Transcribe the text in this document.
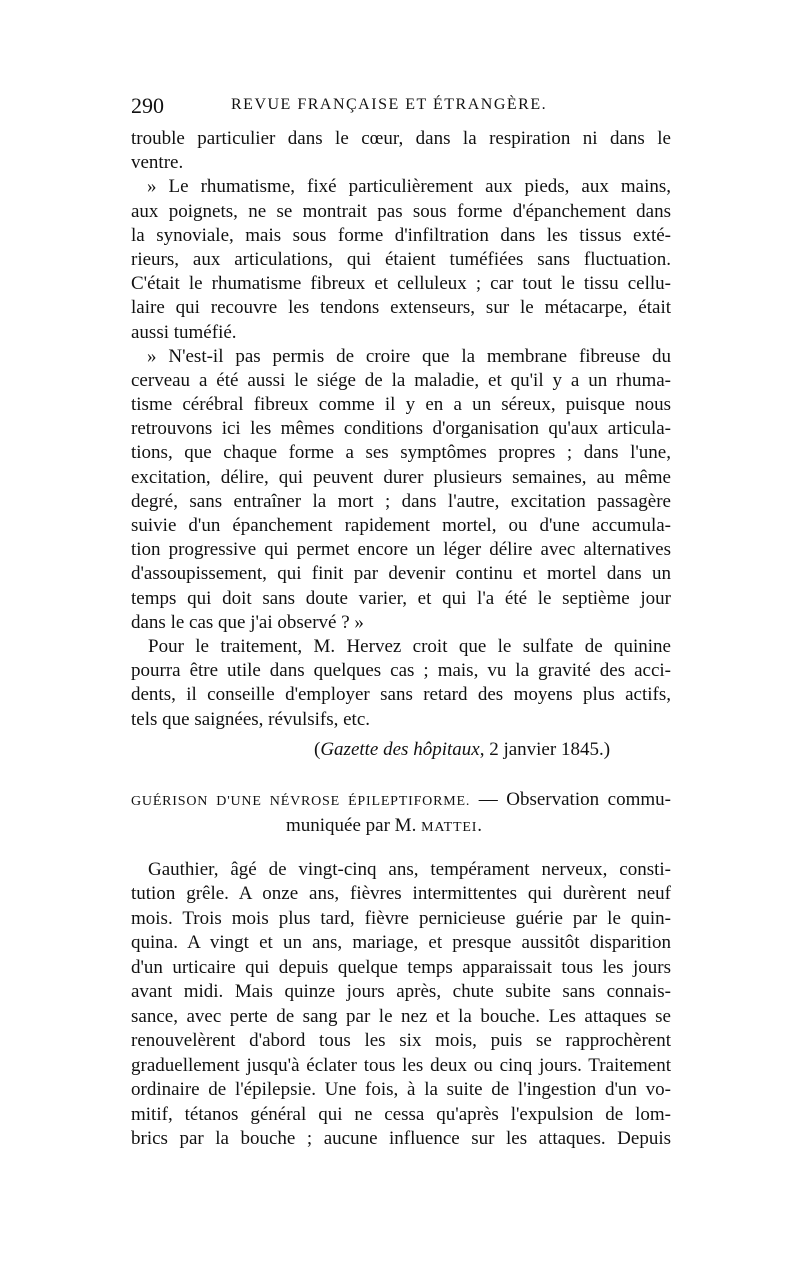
290	REVUE FRANÇAISE ET ÉTRANGÈRE.
trouble particulier dans le cœur, dans la respiration ni dans le
ventre.
» Le rhumatisme, fixé particulièrement aux pieds, aux mains,
aux poignets, ne se montrait pas sous forme d'épanchement dans
la synoviale, mais sous forme d'infiltration dans les tissus exté-
rieurs, aux articulations, qui étaient tuméfiées sans fluctuation.
C'était le rhumatisme fibreux et celluleux ; car tout le tissu cellu-
laire qui recouvre les tendons extenseurs, sur le métacarpe, était
aussi tuméfié.
» N'est-il pas permis de croire que la membrane fibreuse du
cerveau a été aussi le siége de la maladie, et qu'il y a un rhuma-
tisme cérébral fibreux comme il y en a un séreux, puisque nous
retrouvons ici les mêmes conditions d'organisation qu'aux articula-
tions, que chaque forme a ses symptômes propres ; dans l'une,
excitation, délire, qui peuvent durer plusieurs semaines, au même
degré, sans entraîner la mort ; dans l'autre, excitation passagère
suivie d'un épanchement rapidement mortel, ou d'une accumula-
tion progressive qui permet encore un léger délire avec alternatives
d'assoupissement, qui finit par devenir continu et mortel dans un
temps qui doit sans doute varier, et qui l'a été le septième jour
dans le cas que j'ai observé ? »
Pour le traitement, M. Hervez croit que le sulfate de quinine
pourra être utile dans quelques cas ; mais, vu la gravité des acci-
dents, il conseille d'employer sans retard des moyens plus actifs,
tels que saignées, révulsifs, etc.
(Gazette des hôpitaux, 2 janvier 1845.)
GUÉRISON D'UNE NÉVROSE ÉPILEPTIFORME. — Observation commu-
muniquée par M. MATTEI.
Gauthier, âgé de vingt-cinq ans, tempérament nerveux, consti-
tution grêle. A onze ans, fièvres intermittentes qui durèrent neuf
mois. Trois mois plus tard, fièvre pernicieuse guérie par le quin-
quina. A vingt et un ans, mariage, et presque aussitôt disparition
d'un urticaire qui depuis quelque temps apparaissait tous les jours
avant midi. Mais quinze jours après, chute subite sans connais-
sance, avec perte de sang par le nez et la bouche. Les attaques se
renouvelèrent d'abord tous les six mois, puis se rapprochèrent
graduellement jusqu'à éclater tous les deux ou cinq jours. Traitement
ordinaire de l'épilepsie. Une fois, à la suite de l'ingestion d'un vo-
mitif, tétanos général qui ne cessa qu'après l'expulsion de lom-
brics par la bouche ; aucune influence sur les attaques. Depuis
